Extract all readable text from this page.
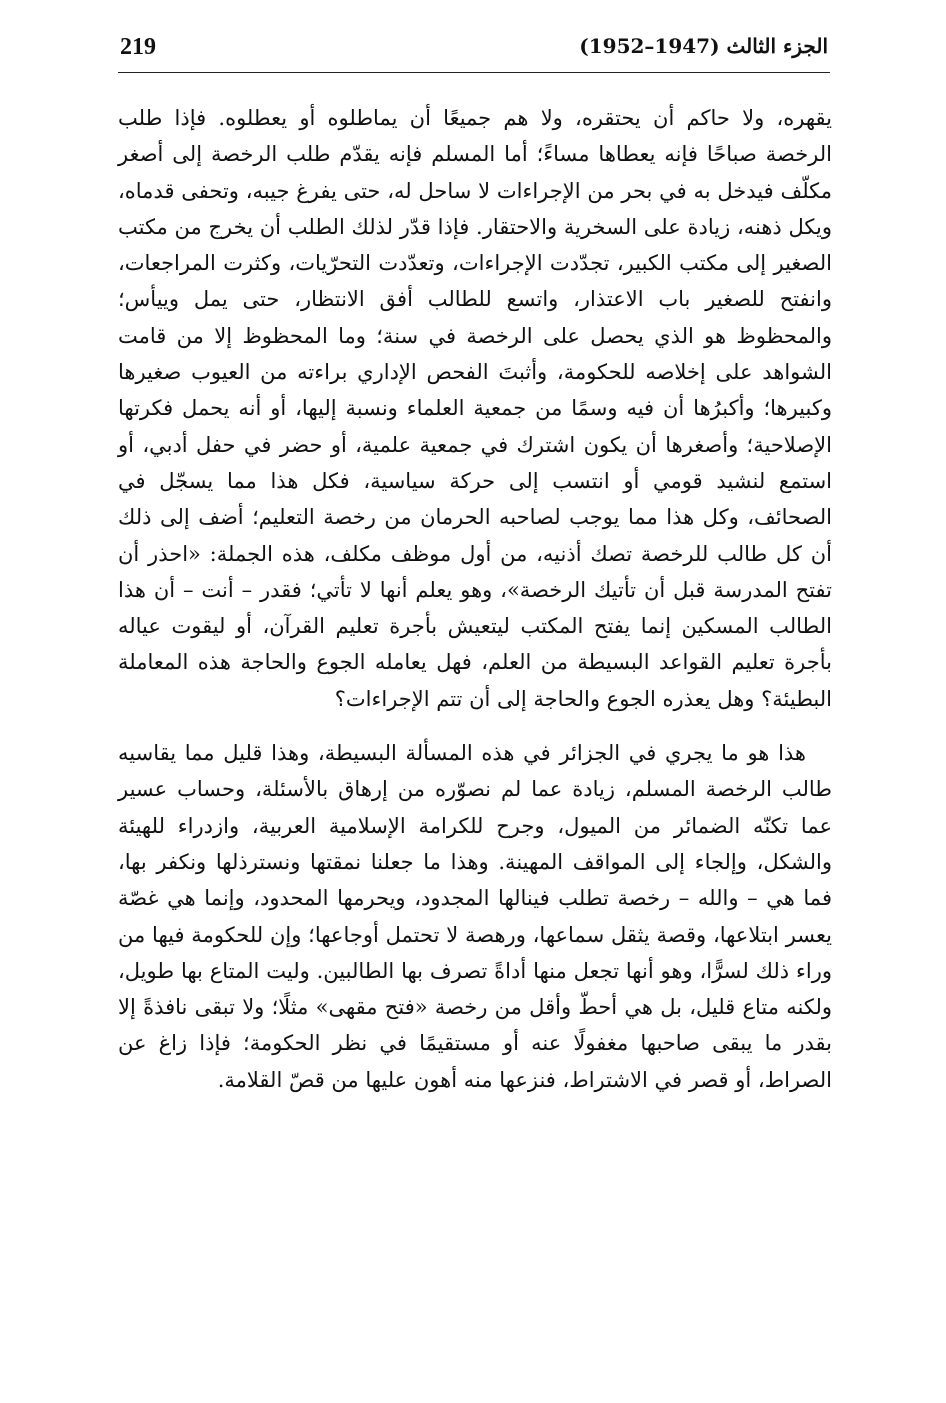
219	الجزء الثالث (1947–1952)

يقهره، ولا حاكم أن يحتقره، ولا هم جميعًا أن يماطلوه أو يعطلوه. فإذا طلب الرخصة صباحًا فإنه يعطاها مساءً؛ أما المسلم فإنه يقدّم طلب الرخصة إلى أصغر مكلّف فيدخل به في بحر من الإجراءات لا ساحل له، حتى يفرغ جيبه، وتحفى قدماه، ويكل ذهنه، زيادة على السخرية والاحتقار. فإذا قدّر لذلك الطلب أن يخرج من مكتب الصغير إلى مكتب الكبير، تجدّدت الإجراءات، وتعدّدت التحرّيات، وكثرت المراجعات، وانفتح للصغير باب الاعتذار، واتسع للطالب أفق الانتظار، حتى يمل وييأس؛ والمحظوظ هو الذي يحصل على الرخصة في سنة؛ وما المحظوظ إلا من قامت الشواهد على إخلاصه للحكومة، وأثبتَ الفحص الإداري براءته من العيوب صغيرها وكبيرها؛ وأكبرُها أن فيه وسمًا من جمعية العلماء ونسبة إليها، أو أنه يحمل فكرتها الإصلاحية؛ وأصغرها أن يكون اشترك في جمعية علمية، أو حضر في حفل أدبي، أو استمع لنشيد قومي أو انتسب إلى حركة سياسية، فكل هذا مما يسجّل في الصحائف، وكل هذا مما يوجب لصاحبه الحرمان من رخصة التعليم؛ أضف إلى ذلك أن كل طالب للرخصة تصك أذنيه، من أول موظف مكلف، هذه الجملة: «احذر أن تفتح المدرسة قبل أن تأتيك الرخصة»، وهو يعلم أنها لا تأتي؛ فقدر – أنت – أن هذا الطالب المسكين إنما يفتح المكتب ليتعيش بأجرة تعليم القرآن، أو ليقوت عياله بأجرة تعليم القواعد البسيطة من العلم، فهل يعامله الجوع والحاجة هذه المعاملة البطيئة؟ وهل يعذره الجوع والحاجة إلى أن تتم الإجراءات؟

هذا هو ما يجري في الجزائر في هذه المسألة البسيطة، وهذا قليل مما يقاسيه طالب الرخصة المسلم، زيادة عما لم نصوّره من إرهاق بالأسئلة، وحساب عسير عما تكنّه الضمائر من الميول، وجرح للكرامة الإسلامية العربية، وازدراء للهيئة والشكل، وإلجاء إلى المواقف المهينة. وهذا ما جعلنا نمقتها ونسترذلها ونكفر بها، فما هي – والله – رخصة تطلب فينالها المجدود، ويحرمها المحدود، وإنما هي غصّة يعسر ابتلاعها، وقصة يثقل سماعها، ورهصة لا تحتمل أوجاعها؛ وإن للحكومة فيها من وراء ذلك لسرًّا، وهو أنها تجعل منها أداةً تصرف بها الطالبين. وليت المتاع بها طويل، ولكنه متاع قليل، بل هي أحطّ وأقل من رخصة «فتح مقهى» مثلًا؛ ولا تبقى نافذةً إلا بقدر ما يبقى صاحبها مغفولًا عنه أو مستقيمًا في نظر الحكومة؛ فإذا زاغ عن الصراط، أو قصر في الاشتراط، فنزعها منه أهون عليها من قصّ القلامة.
